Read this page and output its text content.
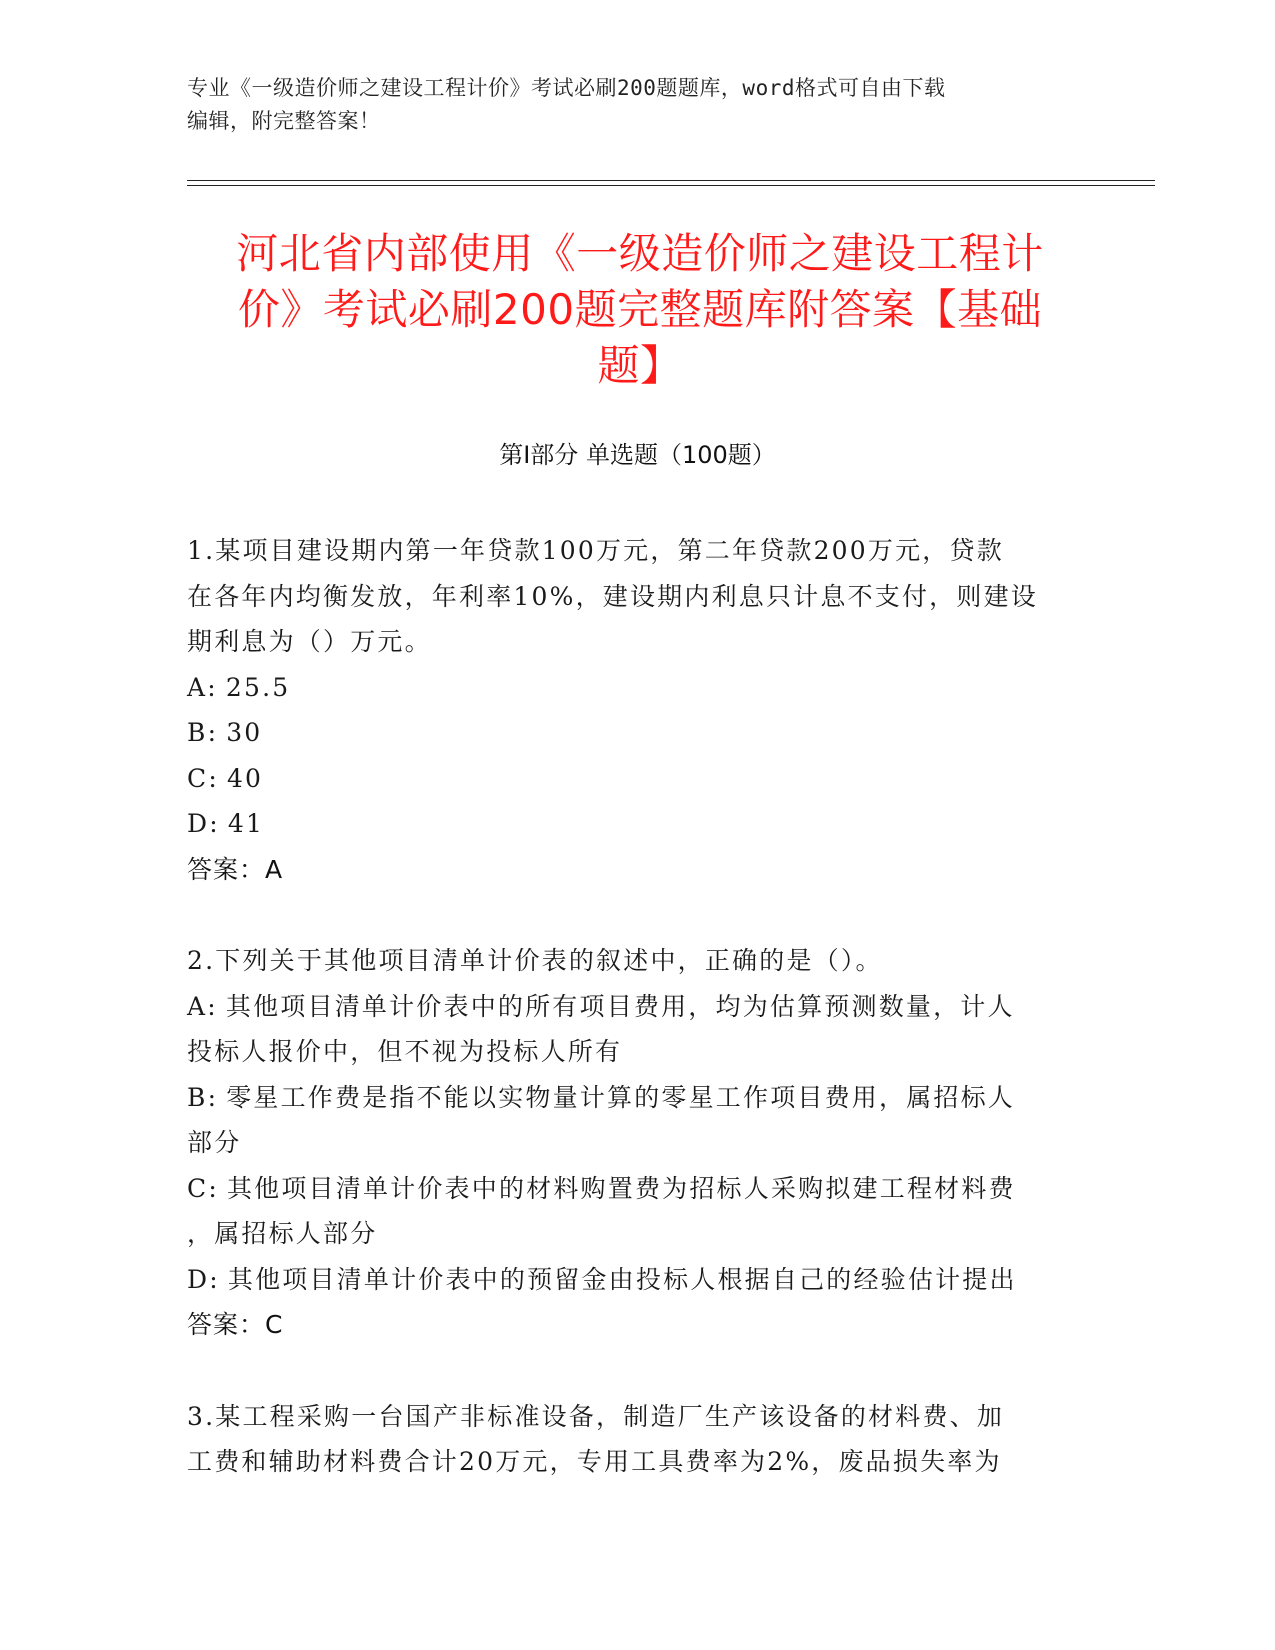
专业《一级造价师之建设工程计价》考试必刷200题题库，word格式可自由下载
编辑，附完整答案！
河北省内部使用《一级造价师之建设工程计
价》考试必刷200题完整题库附答案【基础
题】
第I部分 单选题（100题）
1.某项目建设期内第一年贷款100万元，第二年贷款200万元，贷款
在各年内均衡发放，年利率10%，建设期内利息只计息不支付，则建设
期利息为（）万元。
A: 25.5
B: 30
C: 40
D: 41
答案：A
2.下列关于其他项目清单计价表的叙述中，正确的是（）。
A: 其他项目清单计价表中的所有项目费用，均为估算预测数量，计人
投标人报价中，但不视为投标人所有
B: 零星工作费是指不能以实物量计算的零星工作项目费用，属招标人
部分
C: 其他项目清单计价表中的材料购置费为招标人采购拟建工程材料费
，属招标人部分
D: 其他项目清单计价表中的预留金由投标人根据自己的经验估计提出
答案：C
3.某工程采购一台国产非标准设备，制造厂生产该设备的材料费、加
工费和辅助材料费合计20万元，专用工具费率为2%，废品损失率为
